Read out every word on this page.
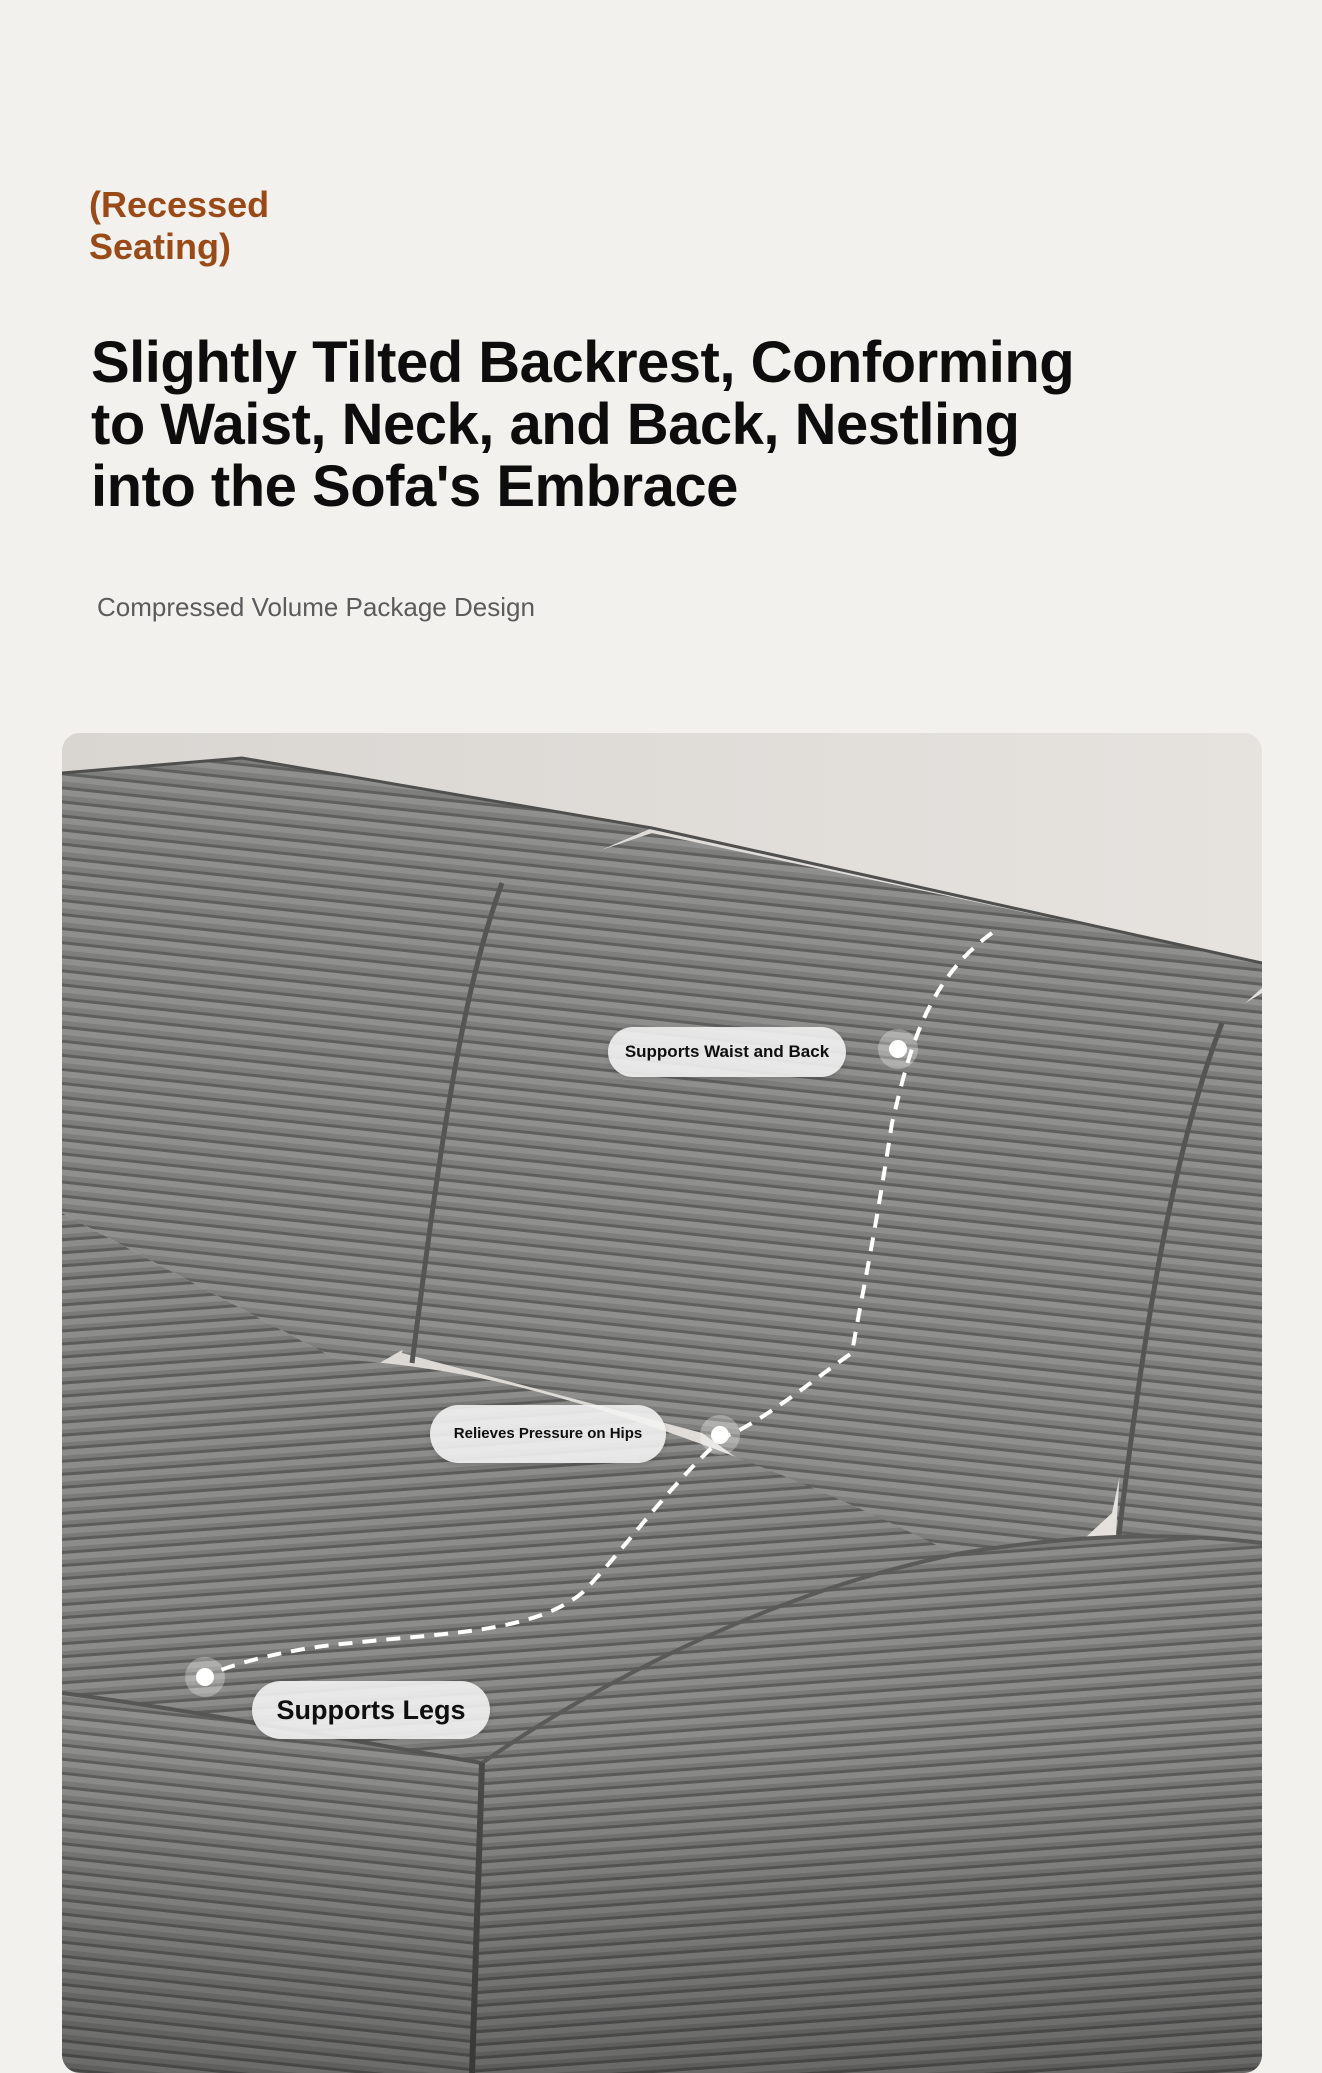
(Recessed Seating)
Slightly Tilted Backrest, Conforming to Waist, Neck, and Back, Nestling into the Sofa's Embrace
Compressed Volume Package Design
Supports Waist and Back
Relieves Pressure on Hips
Supports Legs
